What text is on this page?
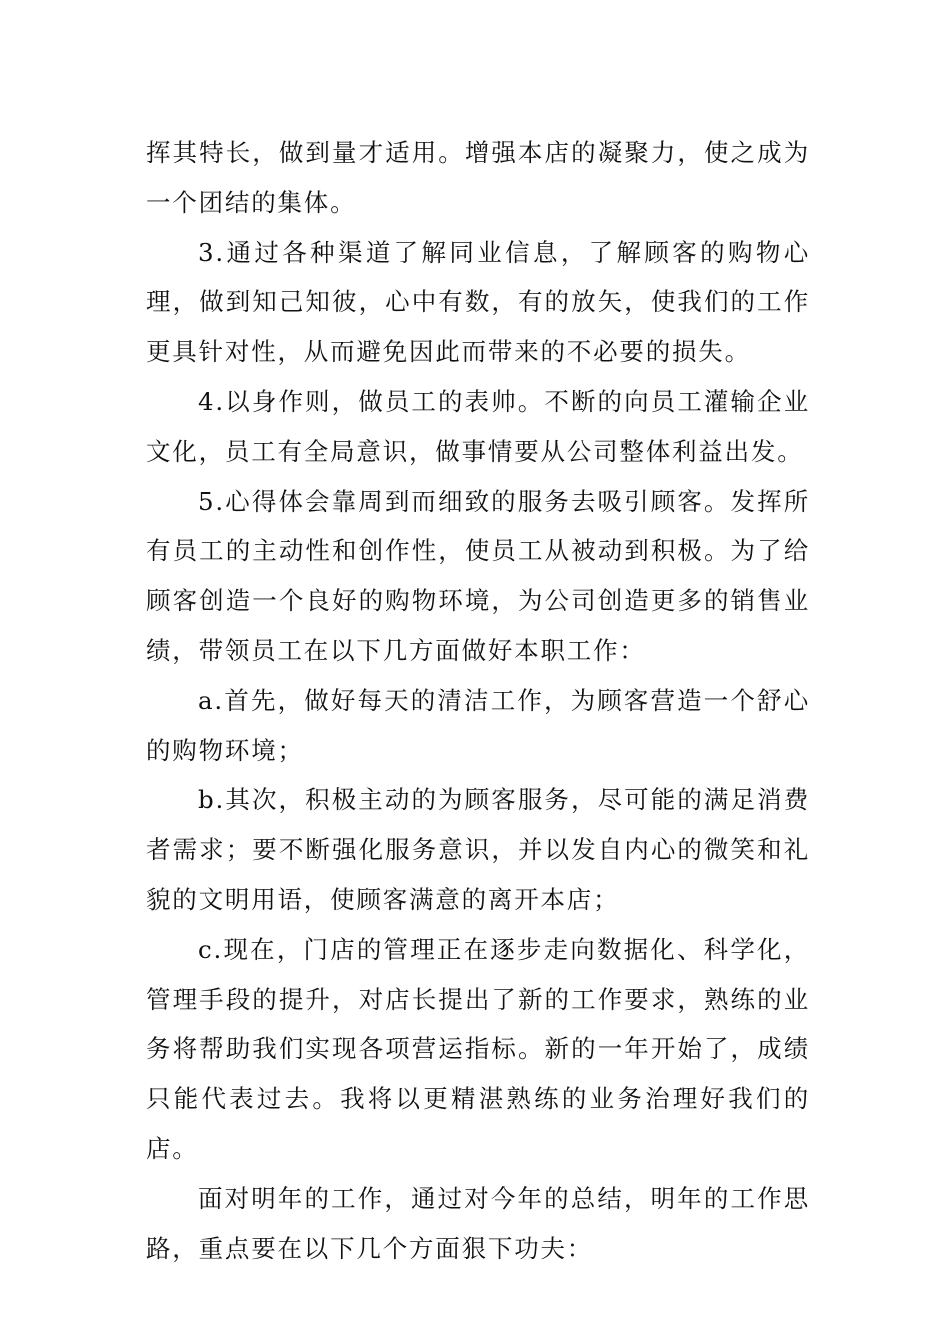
挥其特长，做到量才适用。增强本店的凝聚力，使之成为一个团结的集体。

3.通过各种渠道了解同业信息，了解顾客的购物心理，做到知己知彼，心中有数，有的放矢，使我们的工作更具针对性，从而避免因此而带来的不必要的损失。

4.以身作则，做员工的表帅。不断的向员工灌输企业文化，员工有全局意识，做事情要从公司整体利益出发。

5.心得体会靠周到而细致的服务去吸引顾客。发挥所有员工的主动性和创作性，使员工从被动到积极。为了给顾客创造一个良好的购物环境，为公司创造更多的销售业绩，带领员工在以下几方面做好本职工作：

a.首先，做好每天的清洁工作，为顾客营造一个舒心的购物环境；

b.其次，积极主动的为顾客服务，尽可能的满足消费者需求；要不断强化服务意识，并以发自内心的微笑和礼貌的文明用语，使顾客满意的离开本店；

c.现在，门店的管理正在逐步走向数据化、科学化，管理手段的提升，对店长提出了新的工作要求，熟练的业务将帮助我们实现各项营运指标。新的一年开始了，成绩只能代表过去。我将以更精湛熟练的业务治理好我们的店。

面对明年的工作，通过对今年的总结，明年的工作思路，重点要在以下几个方面狠下功夫：
